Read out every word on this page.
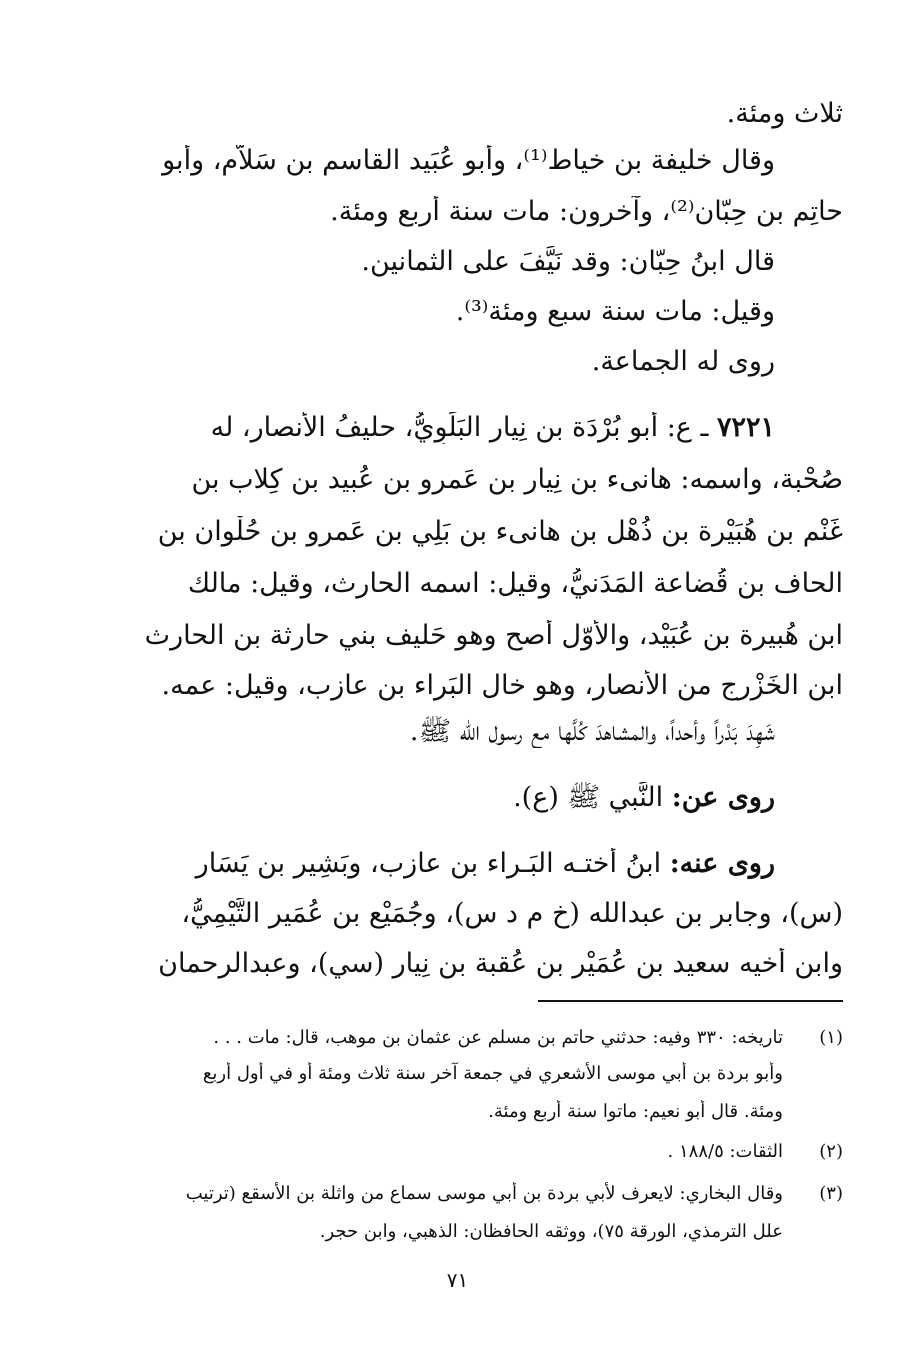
ثلاث ومئة.
وقال خليفة بن خياط⁽¹⁾، وأبو عُبَيد القاسم بن سَلاَّم، وأبو
حاتِم بن حِبّان⁽²⁾، وآخرون: مات سنة أربع ومئة.
قال ابنُ حِبّان: وقد نَيَّفَ على الثمانين.
وقيل: مات سنة سبع ومئة⁽³⁾.
روى له الجماعة.
٧٢٢١ ـ ع: أبو بُرْدَة بن نِيار البَلَوِيُّ، حليفُ الأنصار، له
صُحْبة، واسمه: هانىء بن نِيار بن عَمرو بن عُبيد بن كِلاب بن
غَنْم بن هُبَيْرة بن ذُهْل بن هانىء بن بَلِي بن عَمرو بن حُلْوان بن
الحاف بن قُضاعة المَدَنيُّ، وقيل: اسمه الحارث، وقيل: مالك
ابن هُبيرة بن عُبَيْد، والأوّل أصح وهو حَليف بني حارثة بن الحارث
ابن الخَزْرج من الأنصار، وهو خال البَراء بن عازب، وقيل: عمه.
شَهِدَ بَدْراً وأحداً، والمشاهدَ كُلَّها مع رسول الله ﷺ.
روى عن: النَّبي ﷺ (ع).
روى عنه: ابنُ أختـه البَـراء بن عازب، وبَشِير بن يَسَار
(س)، وجابر بن عبدالله (خ م د س)، وجُمَيْع بن عُمَير التَّيْمِيُّ،
وابن أخيه سعيد بن عُمَيْر بن عُقبة بن نِيار (سي)، وعبدالرحمان
(١)تاريخه: ٣٣٠ وفيه: حدثني حاتم بن مسلم عن عثمان بن موهب، قال: مات . . .
وأبو بردة بن أبي موسى الأشعري في جمعة آخر سنة ثلاث ومئة أو في أول أربع
ومئة. قال أبو نعيم: ماتوا سنة أربع ومئة.
(٢)الثقات: ١٨٨/٥ .
(٣)وقال البخاري: لايعرف لأبي بردة بن أبي موسى سماع من واثلة بن الأسقع (ترتيب
علل الترمذي، الورقة ٧٥)، ووثقه الحافظان: الذهبي، وابن حجر.
٧١
